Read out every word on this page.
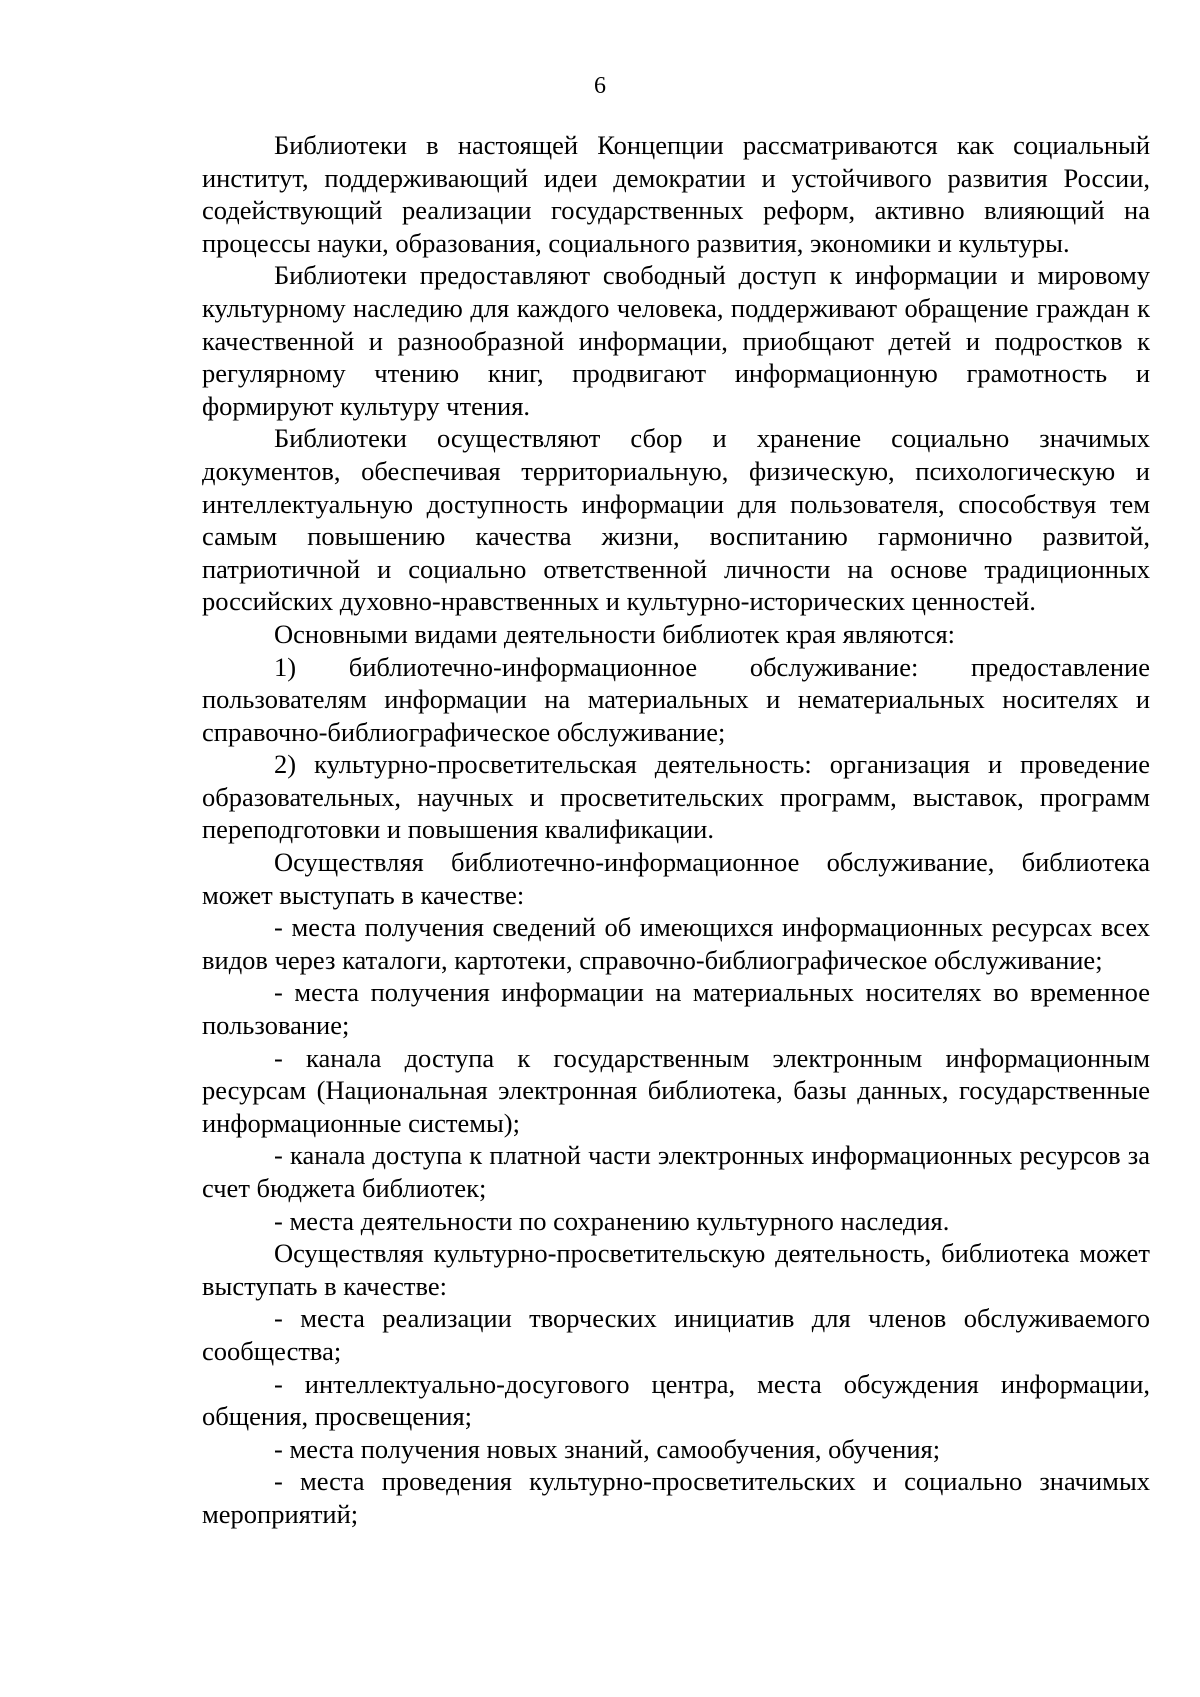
6

Библиотеки в настоящей Концепции рассматриваются как социальный институт, поддерживающий идеи демократии и устойчивого развития России, содействующий реализации государственных реформ, активно влияющий на процессы науки, образования, социального развития, экономики и культуры.

Библиотеки предоставляют свободный доступ к информации и мировому культурному наследию для каждого человека, поддерживают обращение граждан к качественной и разнообразной информации, приобщают детей и подростков к регулярному чтению книг, продвигают информационную грамотность и формируют культуру чтения.

Библиотеки осуществляют сбор и хранение социально значимых документов, обеспечивая территориальную, физическую, психологическую и интеллектуальную доступность информации для пользователя, способствуя тем самым повышению качества жизни, воспитанию гармонично развитой, патриотичной и социально ответственной личности на основе традиционных российских духовно-нравственных и культурно-исторических ценностей.

Основными видами деятельности библиотек края являются:

1) библиотечно-информационное обслуживание: предоставление пользователям информации на материальных и нематериальных носителях и справочно-библиографическое обслуживание;

2) культурно-просветительская деятельность: организация и проведение образовательных, научных и просветительских программ, выставок, программ переподготовки и повышения квалификации.

Осуществляя библиотечно-информационное обслуживание, библиотека может выступать в качестве:

- места получения сведений об имеющихся информационных ресурсах всех видов через каталоги, картотеки, справочно-библиографическое обслуживание;

- места получения информации на материальных носителях во временное пользование;

- канала доступа к государственным электронным информационным ресурсам (Национальная электронная библиотека, базы данных, государственные информационные системы);

- канала доступа к платной части электронных информационных ресурсов за счет бюджета библиотек;

- места деятельности по сохранению культурного наследия.

Осуществляя культурно-просветительскую деятельность, библиотека может выступать в качестве:

- места реализации творческих инициатив для членов обслуживаемого сообщества;

- интеллектуально-досугового центра, места обсуждения информации, общения, просвещения;

- места получения новых знаний, самообучения, обучения;

- места проведения культурно-просветительских и социально значимых мероприятий;
